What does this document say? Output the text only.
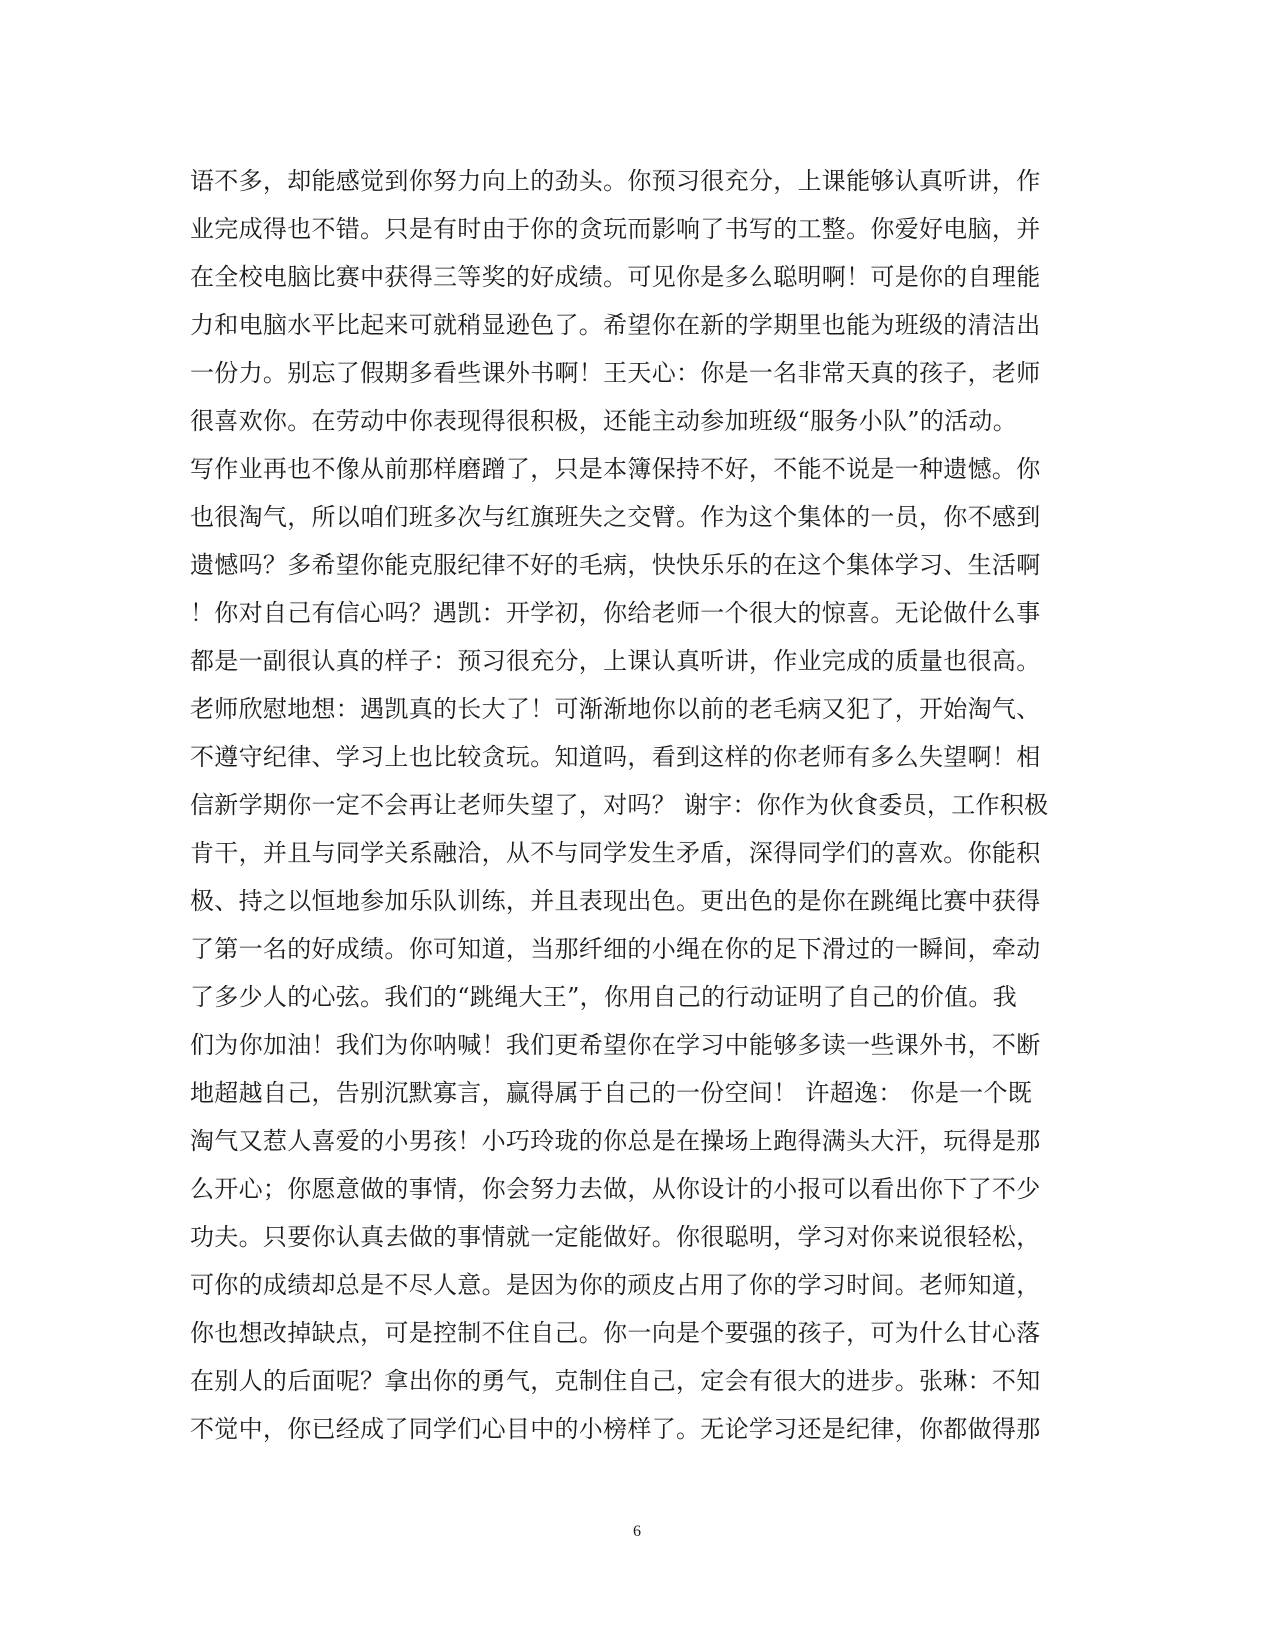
语不多，却能感觉到你努力向上的劲头。你预习很充分，上课能够认真听讲，作
业完成得也不错。只是有时由于你的贪玩而影响了书写的工整。你爱好电脑，并
在全校电脑比赛中获得三等奖的好成绩。可见你是多么聪明啊！可是你的自理能
力和电脑水平比起来可就稍显逊色了。希望你在新的学期里也能为班级的清洁出
一份力。别忘了假期多看些课外书啊！王天心：你是一名非常天真的孩子，老师
很喜欢你。在劳动中你表现得很积极，还能主动参加班级“服务小队”的活动。
写作业再也不像从前那样磨蹭了，只是本簿保持不好，不能不说是一种遗憾。你
也很淘气，所以咱们班多次与红旗班失之交臂。作为这个集体的一员，你不感到
遗憾吗？多希望你能克服纪律不好的毛病，快快乐乐的在这个集体学习、生活啊
！你对自己有信心吗？遇凯：开学初，你给老师一个很大的惊喜。无论做什么事
都是一副很认真的样子：预习很充分，上课认真听讲，作业完成的质量也很高。
老师欣慰地想：遇凯真的长大了！可渐渐地你以前的老毛病又犯了，开始淘气、
不遵守纪律、学习上也比较贪玩。知道吗，看到这样的你老师有多么失望啊！相
信新学期你一定不会再让老师失望了，对吗？ 谢宇：你作为伙食委员，工作积极
肯干，并且与同学关系融洽，从不与同学发生矛盾，深得同学们的喜欢。你能积
极、持之以恒地参加乐队训练，并且表现出色。更出色的是你在跳绳比赛中获得
了第一名的好成绩。你可知道，当那纤细的小绳在你的足下滑过的一瞬间，牵动
了多少人的心弦。我们的“跳绳大王”，你用自己的行动证明了自己的价值。我
们为你加油！我们为你呐喊！我们更希望你在学习中能够多读一些课外书，不断
地超越自己，告别沉默寡言，赢得属于自己的一份空间！ 许超逸： 你是一个既
淘气又惹人喜爱的小男孩！小巧玲珑的你总是在操场上跑得满头大汗，玩得是那
么开心；你愿意做的事情，你会努力去做，从你设计的小报可以看出你下了不少
功夫。只要你认真去做的事情就一定能做好。你很聪明，学习对你来说很轻松，
可你的成绩却总是不尽人意。是因为你的顽皮占用了你的学习时间。老师知道，
你也想改掉缺点，可是控制不住自己。你一向是个要强的孩子，可为什么甘心落
在别人的后面呢？拿出你的勇气，克制住自己，定会有很大的进步。张琳：不知
不觉中，你已经成了同学们心目中的小榜样了。无论学习还是纪律，你都做得那
6
